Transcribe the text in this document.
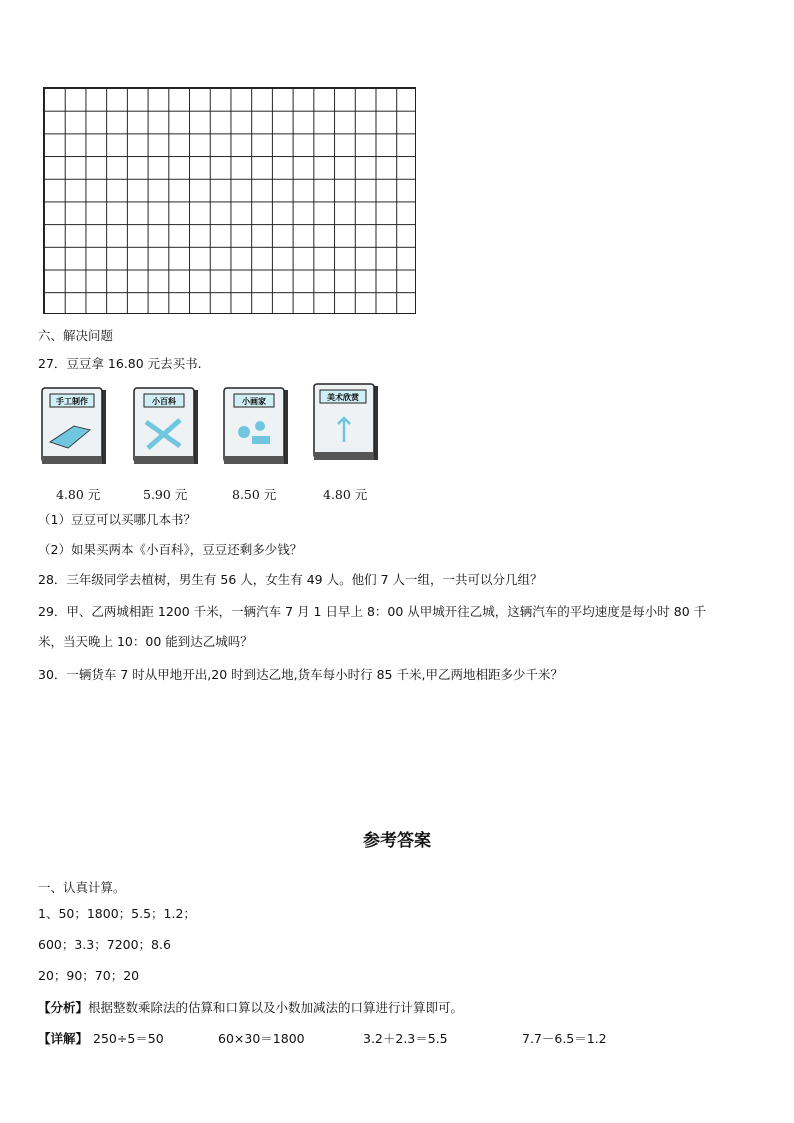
六、解决问题
27．豆豆拿 16.80 元去买书.
手工制作	小百科	小画家	美术欣赏
4.80 元	5.90 元	8.50 元	4.80 元
（1）豆豆可以买哪几本书？
（2）如果买两本《小百科》，豆豆还剩多少钱？
28．三年级同学去植树，男生有 56 人，女生有 49 人。他们 7 人一组，一共可以分几组？
29．甲、乙两城相距 1200 千米，一辆汽车 7 月 1 日早上 8：00 从甲城开往乙城，这辆汽车的平均速度是每小时 80 千
米，当天晚上 10：00 能到达乙城吗？
30．一辆货车 7 时从甲地开出,20 时到达乙地,货车每小时行 85 千米,甲乙两地相距多少千米？
参考答案
一、认真计算。
1、50；1800；5.5；1.2；
600；3.3；7200；8.6
20；90；70；20
【分析】根据整数乘除法的估算和口算以及小数加减法的口算进行计算即可。
【详解】 250÷5＝50	60×30＝1800	3.2＋2.3＝5.5	7.7－6.5＝1.2
